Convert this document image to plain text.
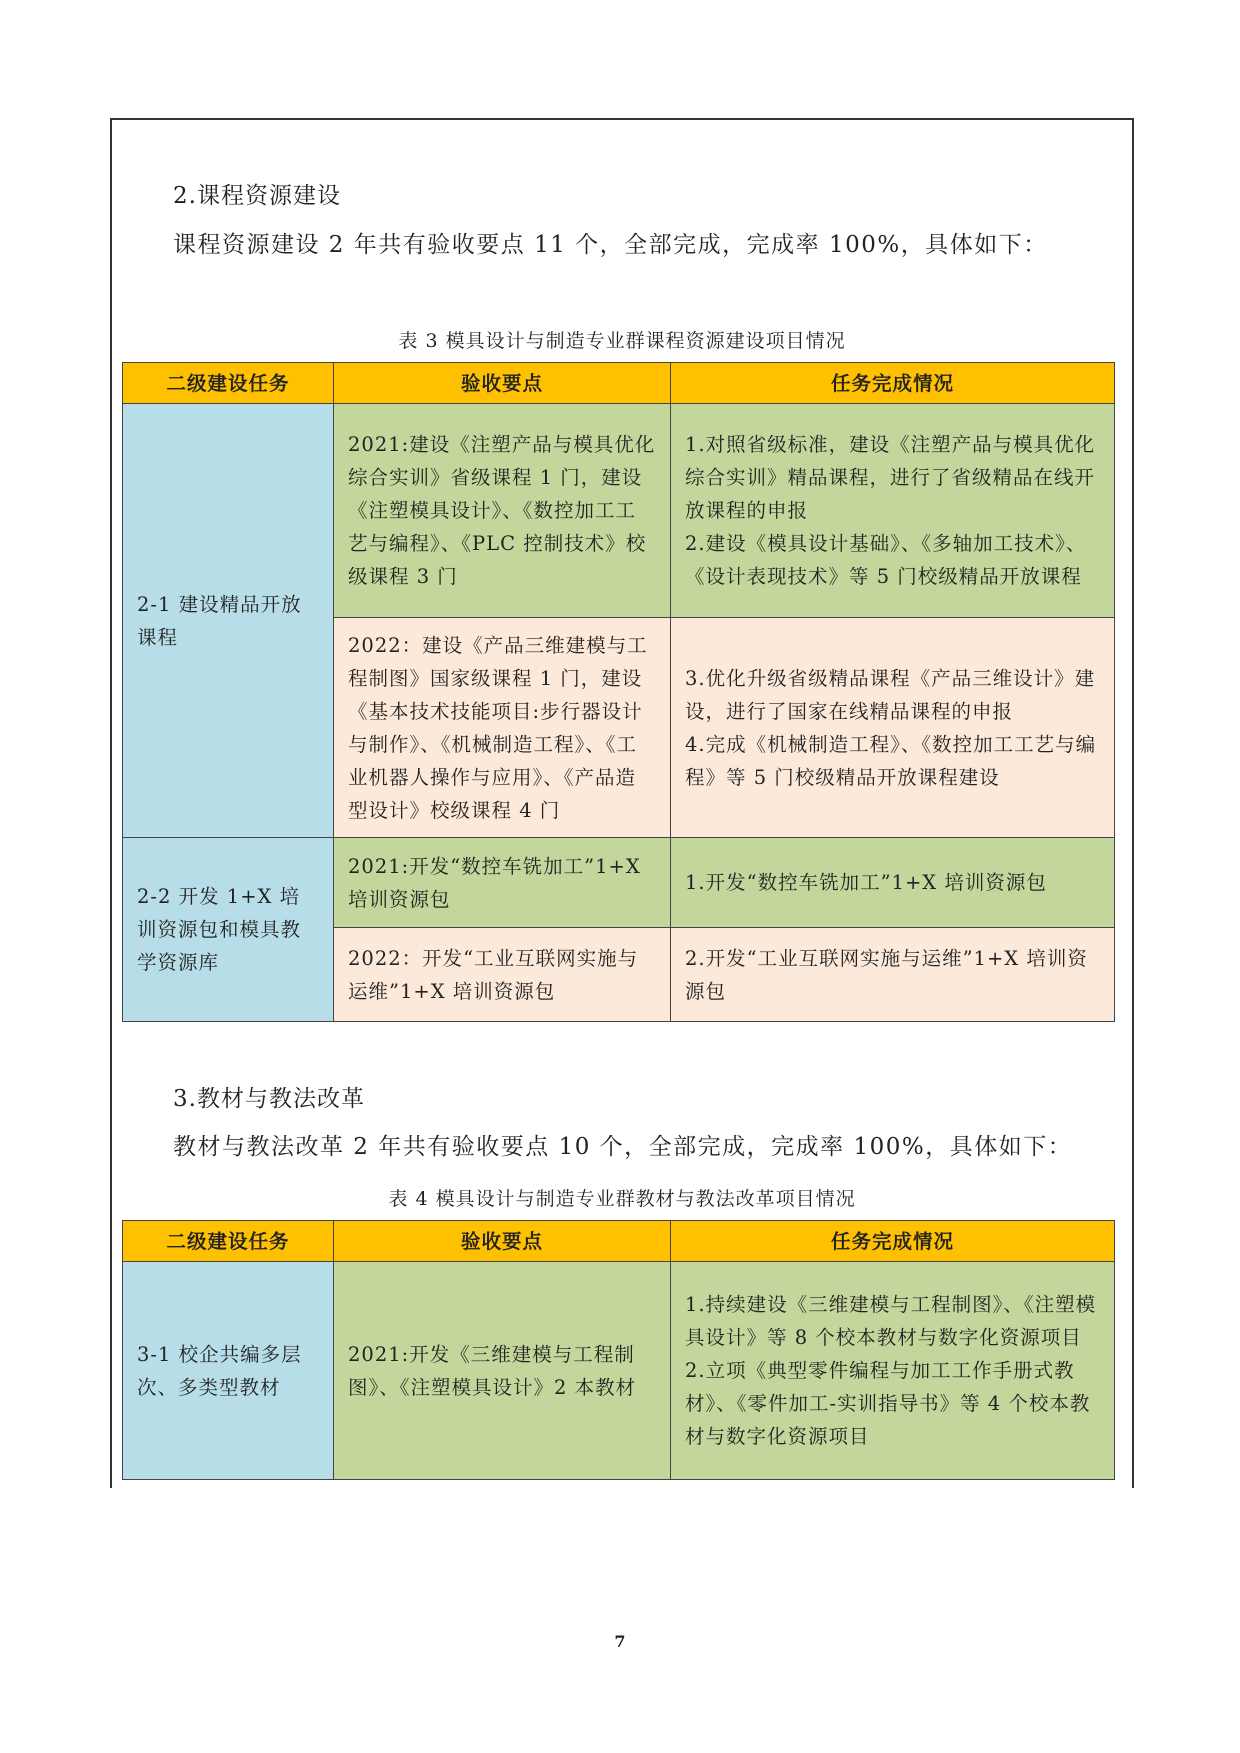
2.课程资源建设
课程资源建设 2 年共有验收要点 11 个，全部完成，完成率 100%，具体如下：
表 3 模具设计与制造专业群课程资源建设项目情况
二级建设任务	验收要点	任务完成情况
2-1 建设精品开放课程	2021:建设《注塑产品与模具优化综合实训》省级课程 1 门，建设《注塑模具设计》、《数控加工工艺与编程》、《PLC 控制技术》校级课程 3 门	1.对照省级标准，建设《注塑产品与模具优化综合实训》精品课程，进行了省级精品在线开放课程的申报
2.建设《模具设计基础》、《多轴加工技术》、《设计表现技术》等 5 门校级精品开放课程
	2022：建设《产品三维建模与工程制图》国家级课程 1 门，建设《基本技术技能项目:步行器设计与制作》、《机械制造工程》、《工业机器人操作与应用》、《产品造型设计》校级课程 4 门	3.优化升级省级精品课程《产品三维设计》建设，进行了国家在线精品课程的申报
4.完成《机械制造工程》、《数控加工工艺与编程》等 5 门校级精品开放课程建设
2-2 开发 1+X 培训资源包和模具教学资源库	2021:开发“数控车铣加工”1+X 培训资源包	1.开发“数控车铣加工”1+X 培训资源包
	2022：开发“工业互联网实施与运维”1+X 培训资源包	2.开发“工业互联网实施与运维”1+X 培训资源包
3.教材与教法改革
教材与教法改革 2 年共有验收要点 10 个，全部完成，完成率 100%，具体如下：
表 4 模具设计与制造专业群教材与教法改革项目情况
二级建设任务	验收要点	任务完成情况
3-1 校企共编多层次、多类型教材	2021:开发《三维建模与工程制图》、《注塑模具设计》2 本教材	1.持续建设《三维建模与工程制图》、《注塑模具设计》等 8 个校本教材与数字化资源项目
2.立项《典型零件编程与加工工作手册式教材》、《零件加工-实训指导书》等 4 个校本教材与数字化资源项目
7
